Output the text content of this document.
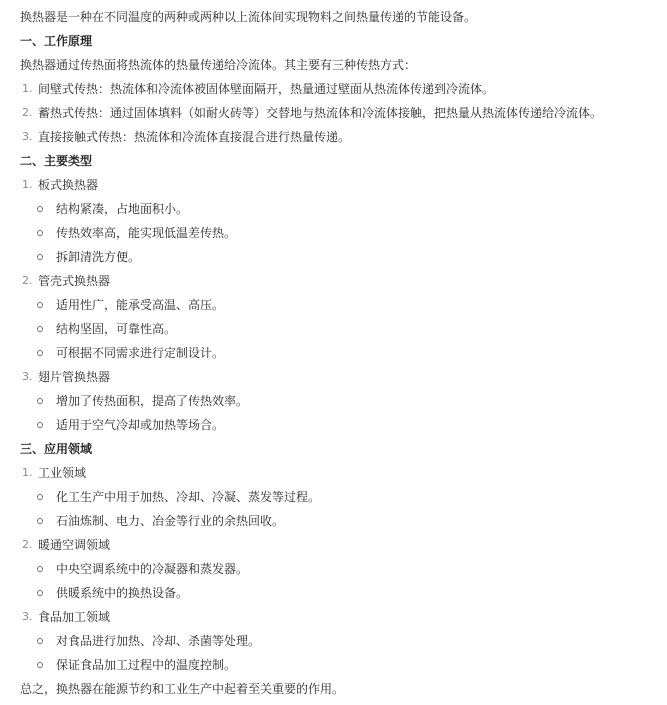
换热器是一种在不同温度的两种或两种以上流体间实现物料之间热量传递的节能设备。
一、工作原理
换热器通过传热面将热流体的热量传递给冷流体。其主要有三种传热方式：
1. 间壁式传热：热流体和冷流体被固体壁面隔开，热量通过壁面从热流体传递到冷流体。
2. 蓄热式传热：通过固体填料（如耐火砖等）交替地与热流体和冷流体接触，把热量从热流体传递给冷流体。
3. 直接接触式传热：热流体和冷流体直接混合进行热量传递。
二、主要类型
1. 板式换热器
结构紧凑，占地面积小。
传热效率高，能实现低温差传热。
拆卸清洗方便。
2. 管壳式换热器
适用性广，能承受高温、高压。
结构坚固，可靠性高。
可根据不同需求进行定制设计。
3. 翅片管换热器
增加了传热面积，提高了传热效率。
适用于空气冷却或加热等场合。
三、应用领域
1. 工业领域
化工生产中用于加热、冷却、冷凝、蒸发等过程。
石油炼制、电力、冶金等行业的余热回收。
2. 暖通空调领域
中央空调系统中的冷凝器和蒸发器。
供暖系统中的换热设备。
3. 食品加工领域
对食品进行加热、冷却、杀菌等处理。
保证食品加工过程中的温度控制。
总之，换热器在能源节约和工业生产中起着至关重要的作用。
